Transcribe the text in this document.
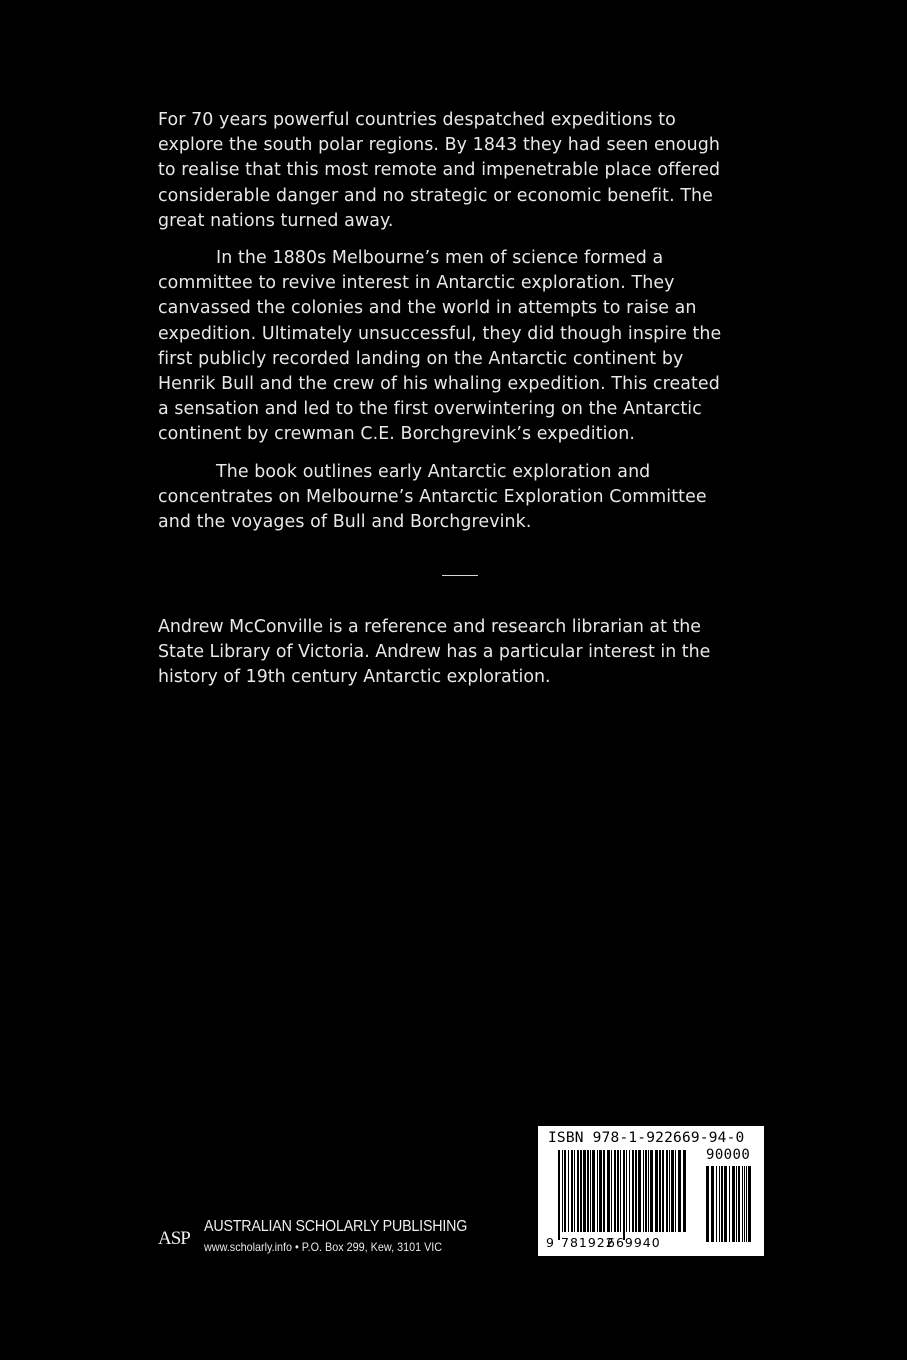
For 70 years powerful countries despatched expeditions to
explore the south polar regions. By 1843 they had seen enough
to realise that this most remote and impenetrable place offered
considerable danger and no strategic or economic benefit. The
great nations turned away.

In the 1880s Melbourne’s men of science formed a
committee to revive interest in Antarctic exploration. They
canvassed the colonies and the world in attempts to raise an
expedition. Ultimately unsuccessful, they did though inspire the
first publicly recorded landing on the Antarctic continent by
Henrik Bull and the crew of his whaling expedition. This created
a sensation and led to the first overwintering on the Antarctic
continent by crewman C.E. Borchgrevink’s expedition.

The book outlines early Antarctic exploration and
concentrates on Melbourne’s Antarctic Exploration Committee
and the voyages of Bull and Borchgrevink.

Andrew McConville is a reference and research librarian at the
State Library of Victoria. Andrew has a particular interest in the
history of 19th century Antarctic exploration.

ASP
AUSTRALIAN SCHOLARLY PUBLISHING
www.scholarly.info • P.O. Box 299, Kew, 3101 VIC
ISBN 978-1-922669-94-0
90000
9 781922
669940
